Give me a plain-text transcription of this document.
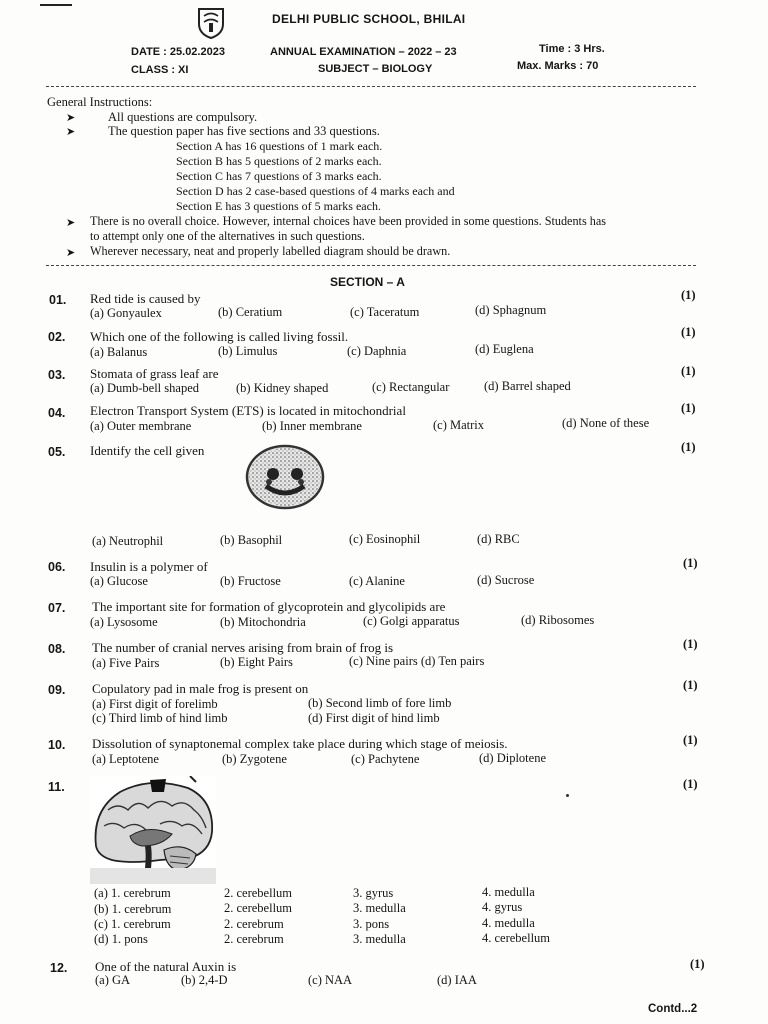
DELHI PUBLIC SCHOOL, BHILAI
DATE : 25.02.2023	ANNUAL EXAMINATION – 2022 – 23	Time : 3 Hrs.
CLASS : XI	SUBJECT – BIOLOGY	Max. Marks : 70
General Instructions:
➤	All questions are compulsory.
➤	The question paper has five sections and 33 questions.
Section A has 16 questions of 1 mark each.
Section B has 5 questions of 2 marks each.
Section C has 7 questions of 3 marks each.
Section D has 2 case-based questions of 4 marks each and
Section E has 3 questions of 5 marks each.
➤ There is no overall choice. However, internal choices have been provided in some questions. Students has
to attempt only one of the alternatives in such questions.
➤ Wherever necessary, neat and properly labelled diagram should be drawn.
SECTION – A
01. Red tide is caused by	(1)
(a) Gonyaulex	(b) Ceratium	(c) Taceratum	(d) Sphagnum
02. Which one of the following is called living fossil.	(1)
(a) Balanus	(b) Limulus	(c) Daphnia	(d) Euglena
03. Stomata of grass leaf are	(1)
(a) Dumb-bell shaped	(b) Kidney shaped	(c) Rectangular	(d) Barrel shaped
04. Electron Transport System (ETS) is located in mitochondrial	(1)
(a) Outer membrane	(b) Inner membrane	(c) Matrix	(d) None of these
05. Identify the cell given	(1)
(a) Neutrophil	(b) Basophil	(c) Eosinophil	(d) RBC
06. Insulin is a polymer of	(1)
(a) Glucose	(b) Fructose	(c) Alanine	(d) Sucrose
07. The important site for formation of glycoprotein and glycolipids are
(a) Lysosome	(b) Mitochondria	(c) Golgi apparatus	(d) Ribosomes
08. The number of cranial nerves arising from brain of frog is	(1)
(a) Five Pairs	(b) Eight Pairs	(c) Nine pairs (d) Ten pairs
09. Copulatory pad in male frog is present on	(1)
(a) First digit of forelimb	(b) Second limb of fore limb
(c) Third limb of hind limb	(d) First digit of hind limb
10. Dissolution of synaptonemal complex take place during which stage of meiosis.	(1)
(a) Leptotene	(b) Zygotene	(c) Pachytene	(d) Diplotene
11.	(1)
(a) 1. cerebrum	2. cerebellum	3. gyrus	4. medulla
(b) 1. cerebrum	2. cerebellum	3. medulla	4. gyrus
(c) 1. cerebrum	2. cerebrum	3. pons	4. medulla
(d) 1. pons	2. cerebrum	3. medulla	4. cerebellum
12. One of the natural Auxin is	(1)
(a) GA	(b) 2,4-D	(c) NAA	(d) IAA
Contd...2
